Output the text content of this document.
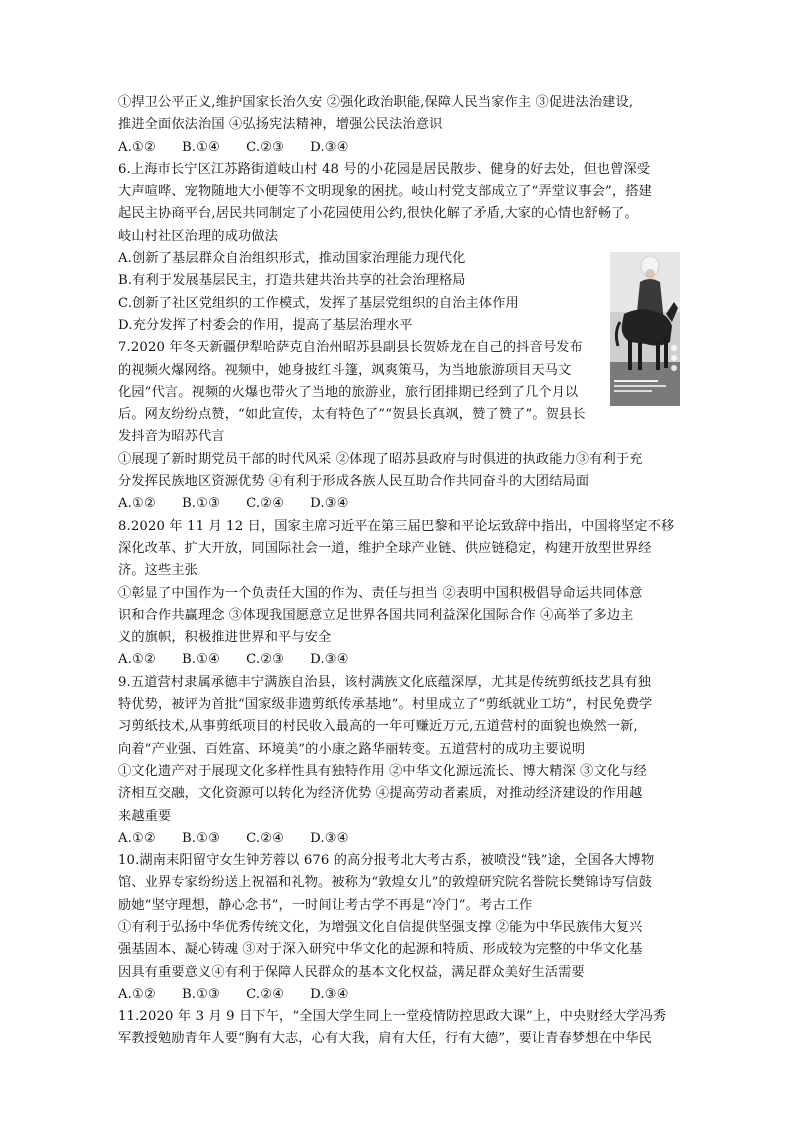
①捍卫公平正义,维护国家长治久安 ②强化政治职能,保障人民当家作主 ③促进法治建设,
推进全面依法治国 ④弘扬宪法精神，增强公民法治意识
A.①② B.①④ C.②③ D.③④
6.上海市长宁区江苏路街道岐山村 48 号的小花园是居民散步、健身的好去处，但也曾深受
大声喧哗、宠物随地大小便等不文明现象的困扰。岐山村党支部成立了“弄堂议事会”，搭建
起民主协商平台,居民共同制定了小花园使用公约,很快化解了矛盾,大家的心情也舒畅了。
岐山村社区治理的成功做法
A.创新了基层群众自治组织形式，推动国家治理能力现代化
B.有利于发展基层民主，打造共建共治共享的社会治理格局
C.创新了社区党组织的工作模式，发挥了基层党组织的自治主体作用
D.充分发挥了村委会的作用，提高了基层治理水平
7.2020 年冬天新疆伊犁哈萨克自治州昭苏县副县长贺娇龙在自己的抖音号发布
的视频火爆网络。视频中，她身披红斗篷，飒爽策马，为当地旅游项目天马文
化园”代言。视频的火爆也带火了当地的旅游业，旅行团排期已经到了几个月以
后。网友纷纷点赞，“如此宣传，太有特色了”“贺县长真飒，赞了赞了”。贺县长
发抖音为昭苏代言
①展现了新时期党员干部的时代风采 ②体现了昭苏县政府与时俱进的执政能力③有利于充
分发挥民族地区资源优势 ④有利于形成各族人民互助合作共同奋斗的大团结局面
A.①② B.①③ C.②④ D.③④
8.2020 年 11 月 12 日，国家主席习近平在第三届巴黎和平论坛致辞中指出，中国将坚定不移
深化改革、扩大开放，同国际社会一道，维护全球产业链、供应链稳定，构建开放型世界经
济。这些主张
①彰显了中国作为一个负责任大国的作为、责任与担当 ②表明中国积极倡导命运共同体意
识和合作共赢理念 ③体现我国愿意立足世界各国共同利益深化国际合作 ④高举了多边主
义的旗帜，积极推进世界和平与安全
A.①② B.①④ C.②③ D.③④
9.五道营村隶属承德丰宁满族自治县，该村满族文化底蕴深厚，尤其是传统剪纸技艺具有独
特优势，被评为首批“国家级非遗剪纸传承基地”。村里成立了“剪纸就业工坊”，村民免费学
习剪纸技术,从事剪纸项目的村民收入最高的一年可赚近万元,五道营村的面貌也焕然一新,
向着“产业强、百姓富、环境美”的小康之路华丽转变。五道营村的成功主要说明
①文化遗产对于展现文化多样性具有独特作用 ②中华文化源远流长、博大精深 ③文化与经
济相互交融，文化资源可以转化为经济优势 ④提高劳动者素质，对推动经济建设的作用越
来越重要
A.①② B.①③ C.②④ D.③④
10.湖南耒阳留守女生钟芳蓉以 676 的高分报考北大考古系，被喷没“钱”途，全国各大博物
馆、业界专家纷纷送上祝福和礼物。被称为“敦煌女儿”的敦煌研究院名誉院长樊锦诗写信鼓
励她“坚守理想，静心念书”，一时间让考古学不再是“冷门”。考古工作
①有利于弘扬中华优秀传统文化，为增强文化自信提供坚强支撑 ②能为中华民族伟大复兴
强基固本、凝心铸魂 ③对于深入研究中华文化的起源和特质、形成较为完整的中华文化基
因具有重要意义④有利于保障人民群众的基本文化权益，满足群众美好生活需要
A.①② B.①③ C.②④ D.③④
11.2020 年 3 月 9 日下午，“全国大学生同上一堂疫情防控思政大课”上，中央财经大学冯秀
军教授勉励青年人要“胸有大志，心有大我，肩有大任，行有大德”，要让青春梦想在中华民
